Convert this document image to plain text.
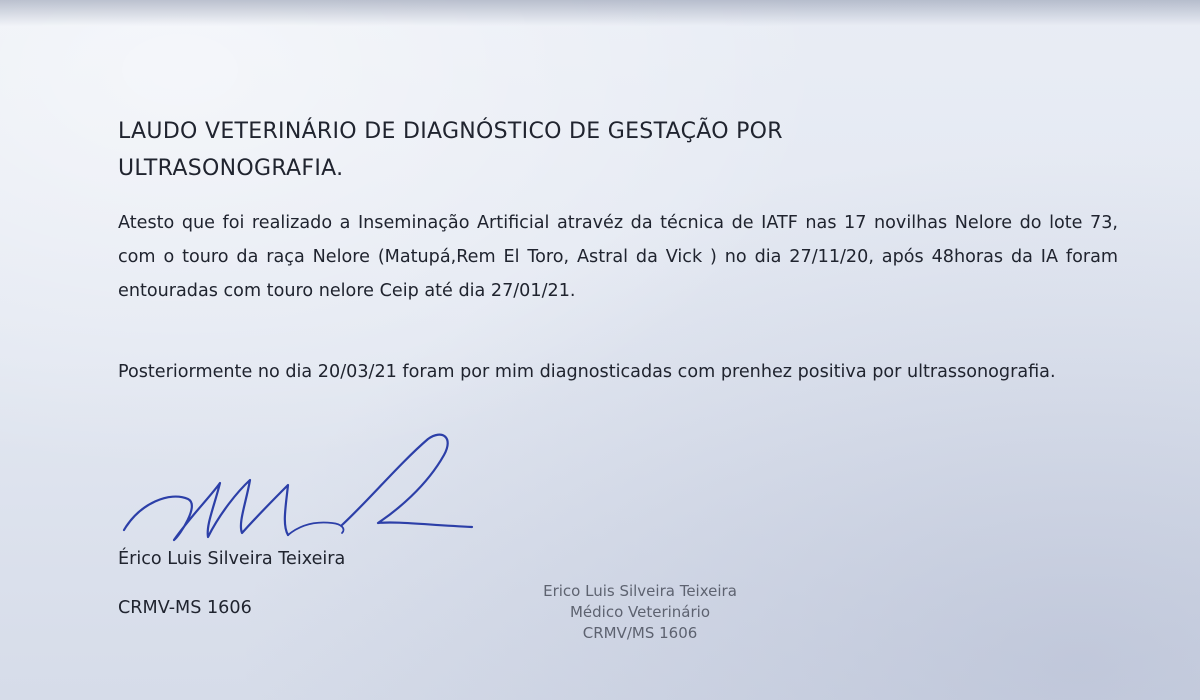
LAUDO VETERINÁRIO DE DIAGNÓSTICO DE GESTAÇÃO POR
ULTRASONOGRAFIA.

Atesto que foi realizado a Inseminação Artificial atravéz da técnica de IATF nas 17 novilhas Nelore do lote 73, com o touro da raça Nelore (Matupá,Rem El Toro, Astral da Vick ) no dia 27/11/20, após 48horas da IA foram entouradas com touro nelore Ceip até dia 27/01/21.

Posteriormente no dia 20/03/21 foram por mim diagnosticadas com prenhez positiva por ultrassonografia.

Érico Luis Silveira Teixeira

CRMV-MS 1606

Erico Luis Silveira Teixeira
Médico Veterinário
CRMV/MS 1606
